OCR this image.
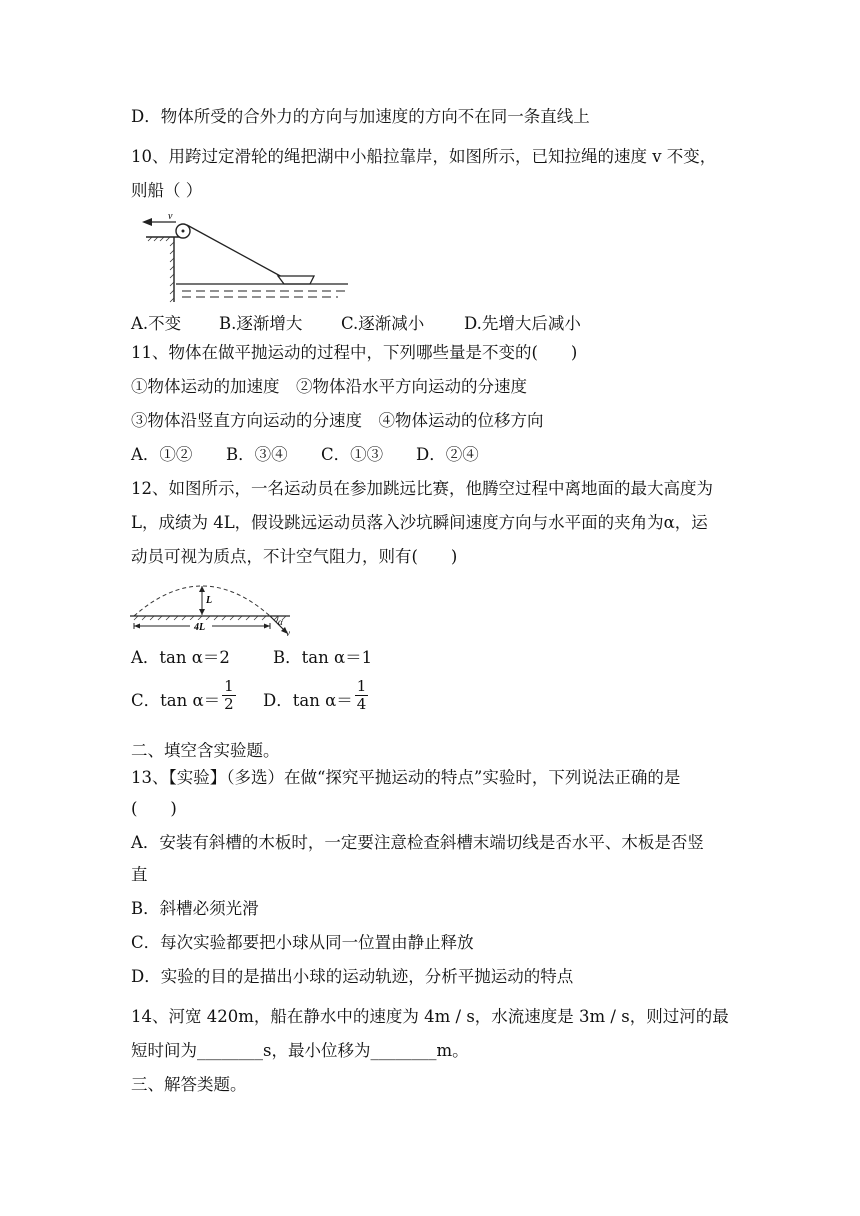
D．物体所受的合外力的方向与加速度的方向不在同一条直线上
10、用跨过定滑轮的绳把湖中小船拉靠岸，如图所示，已知拉绳的速度 v 不变，
则船（ ）
v
A.不变 B.逐渐增大 C.逐渐减小 D.先增大后减小
11、物体在做平抛运动的过程中，下列哪些量是不变的(　　)
①物体运动的加速度　②物体沿水平方向运动的分速度
③物体沿竖直方向运动的分速度　④物体运动的位移方向
A．①② B．③④ C．①③ D．②④
12、如图所示，一名运动员在参加跳远比赛，他腾空过程中离地面的最大高度为
L，成绩为 4L，假设跳远运动员落入沙坑瞬间速度方向与水平面的夹角为α，运
动员可视为质点，不计空气阻力，则有(　　)
L
4L	α
v
A．tan α＝2	B．tan α＝1
C．$\tan \alpha= \frac{1}{2}$ D．$\tan \alpha= \frac{1}{4}$
二、填空含实验题。
13、【实验】（多选）在做“探究平抛运动的特点”实验时，下列说法正确的是
(　　)
A．安装有斜槽的木板时，一定要注意检查斜槽末端切线是否水平、木板是否竖
直
B．斜槽必须光滑
C．每次实验都要把小球从同一位置由静止释放
D．实验的目的是描出小球的运动轨迹，分析平抛运动的特点
14、河宽 420m，船在静水中的速度为 4m / s，水流速度是 3m / s，则过河的最
短时间为________s，最小位移为________m。
三、解答类题。
